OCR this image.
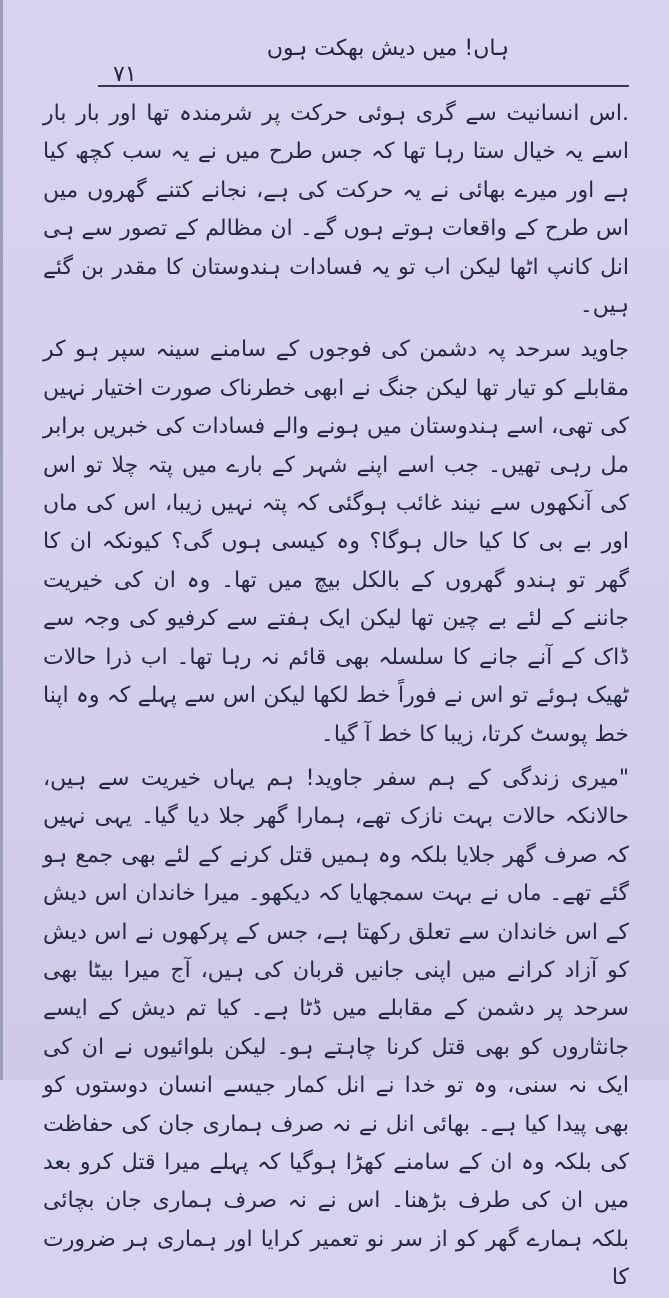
ہاں! میں دیش بھکت ہوں
۷۱

.اس انسانیت سے گری ہوئی حرکت پر شرمندہ تھا اور بار بار اسے یہ خیال ستا رہا تھا کہ جس طرح میں نے یہ سب کچھ کیا ہے اور میرے بھائی نے یہ حرکت کی ہے، نجانے کتنے گھروں میں اس طرح کے واقعات ہوتے ہوں گے۔ ان مظالم کے تصور سے ہی انل کانپ اٹھا لیکن اب تو یہ فسادات ہندوستان کا مقدر بن گئے ہیں۔

جاوید سرحد پہ دشمن کی فوجوں کے سامنے سینہ سپر ہو کر مقابلے کو تیار تھا لیکن جنگ نے ابھی خطرناک صورت اختیار نہیں کی تھی، اسے ہندوستان میں ہونے والے فسادات کی خبریں برابر مل رہی تھیں۔ جب اسے اپنے شہر کے بارے میں پتہ چلا تو اس کی آنکھوں سے نیند غائب ہوگئی کہ پتہ نہیں زیبا، اس کی ماں اور بے بی کا کیا حال ہوگا؟ وہ کیسی ہوں گی؟ کیونکہ ان کا گھر تو ہندو گھروں کے بالکل بیچ میں تھا۔ وہ ان کی خیریت جاننے کے لئے بے چین تھا لیکن ایک ہفتے سے کرفیو کی وجہ سے ڈاک کے آنے جانے کا سلسلہ بھی قائم نہ رہا تھا۔ اب ذرا حالات ٹھیک ہوئے تو اس نے فوراً خط لکھا لیکن اس سے پہلے کہ وہ اپنا خط پوسٹ کرتا، زیبا کا خط آ گیا۔

"میری زندگی کے ہم سفر جاوید! ہم یہاں خیریت سے ہیں، حالانکہ حالات بہت نازک تھے، ہمارا گھر جلا دیا گیا۔ یہی نہیں کہ صرف گھر جلایا بلکہ وہ ہمیں قتل کرنے کے لئے بھی جمع ہو گئے تھے۔ ماں نے بہت سمجھایا کہ دیکھو۔ میرا خاندان اس دیش کے اس خاندان سے تعلق رکھتا ہے، جس کے پرکھوں نے اس دیش کو آزاد کرانے میں اپنی جانیں قربان کی ہیں، آج میرا بیٹا بھی سرحد پر دشمن کے مقابلے میں ڈٹا ہے۔ کیا تم دیش کے ایسے جانثاروں کو بھی قتل کرنا چاہتے ہو۔ لیکن بلوائیوں نے ان کی ایک نہ سنی، وہ تو خدا نے انل کمار جیسے انسان دوستوں کو بھی پیدا کیا ہے۔ بھائی انل نے نہ صرف ہماری جان کی حفاظت کی بلکہ وہ ان کے سامنے کھڑا ہوگیا کہ پہلے میرا قتل کرو بعد میں ان کی طرف بڑھنا۔ اس نے نہ صرف ہماری جان بچائی بلکہ ہمارے گھر کو از سر نو تعمیر کرایا اور ہماری ہر ضرورت کا
